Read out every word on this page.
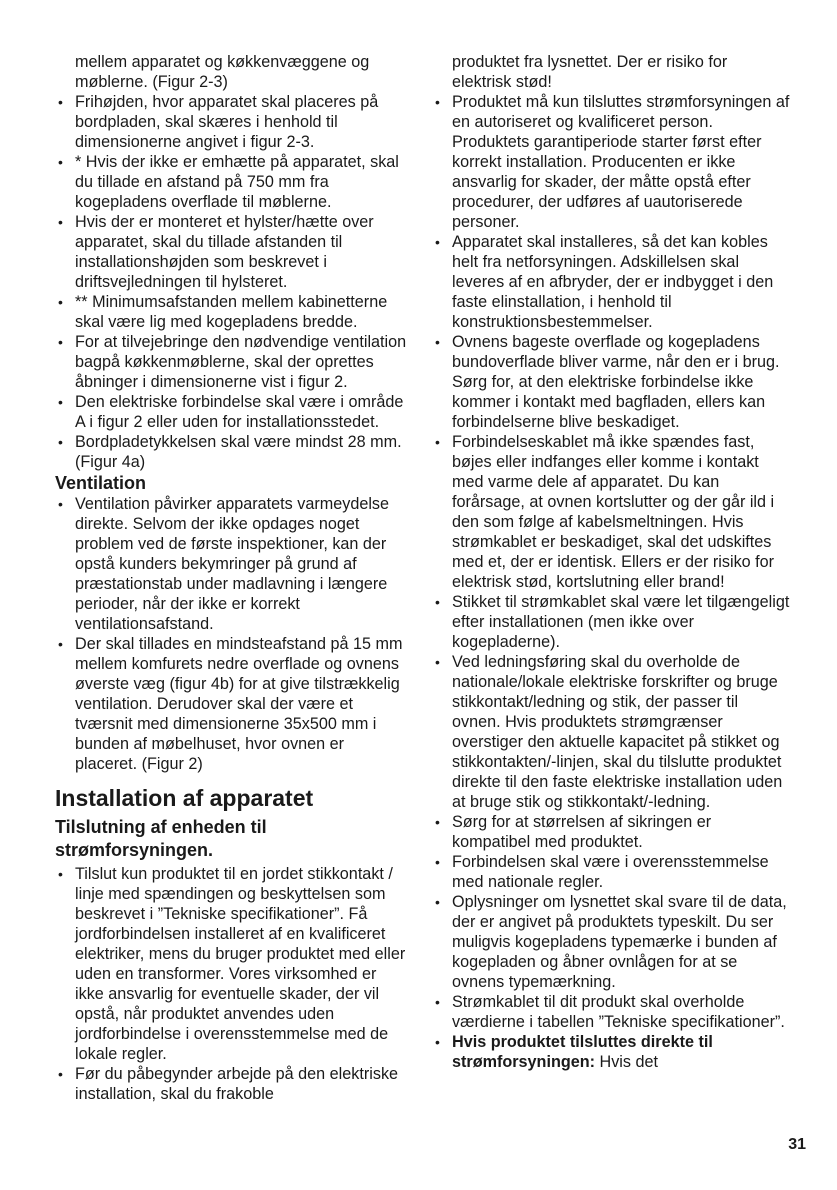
mellem apparatet og køkkenvæggene og møblerne. (Figur 2-3)

• Frihøjden, hvor apparatet skal placeres på bordpladen, skal skæres i henhold til dimensionerne angivet i figur 2-3.
• * Hvis der ikke er emhætte på apparatet, skal du tillade en afstand på 750 mm fra kogepladens overflade til møblerne.
• Hvis der er monteret et hylster/hætte over apparatet, skal du tillade afstanden til installationshøjden som beskrevet i driftsvejledningen til hylsteret.
• ** Minimumsafstanden mellem kabinetterne skal være lig med kogepladens bredde.
• For at tilvejebringe den nødvendige ventilation bagpå køkkenmøblerne, skal der oprettes åbninger i dimensionerne vist i figur 2.
• Den elektriske forbindelse skal være i område A i figur 2 eller uden for installationsstedet.
• Bordpladetykkelsen skal være mindst 28 mm. (Figur 4a)
Ventilation
• Ventilation påvirker apparatets varmeydelse direkte. Selvom der ikke opdages noget problem ved de første inspektioner, kan der opstå kunders bekymringer på grund af præstationstab under madlavning i længere perioder, når der ikke er korrekt ventilationsafstand.
• Der skal tillades en mindsteafstand på 15 mm mellem komfurets nedre overflade og ovnens øverste væg (figur 4b) for at give tilstrækkelig ventilation. Derudover skal der være et tværsnit med dimensionerne 35x500 mm i bunden af møbelhuset, hvor ovnen er placeret. (Figur 2)
Installation af apparatet
Tilslutning af enheden til strømforsyningen.
• Tilslut kun produktet til en jordet stikkontakt / linje med spændingen og beskyttelsen som beskrevet i ”Tekniske specifikationer”. Få jordforbindelsen installeret af en kvalificeret elektriker, mens du bruger produktet med eller uden en transformer. Vores virksomhed er ikke ansvarlig for eventuelle skader, der vil opstå, når produktet anvendes uden jordforbindelse i overensstemmelse med de lokale regler.
• Før du påbegynder arbejde på den elektriske installation, skal du frakoble

produktet fra lysnettet. Der er risiko for elektrisk stød!

• Produktet må kun tilsluttes strømforsyningen af en autoriseret og kvalificeret person. Produktets garantiperiode starter først efter korrekt installation. Producenten er ikke ansvarlig for skader, der måtte opstå efter procedurer, der udføres af uautoriserede personer.
• Apparatet skal installeres, så det kan kobles helt fra netforsyningen. Adskillelsen skal leveres af en afbryder, der er indbygget i den faste elinstallation, i henhold til konstruktionsbestemmelser.
• Ovnens bageste overflade og kogepladens bundoverflade bliver varme, når den er i brug. Sørg for, at den elektriske forbindelse ikke kommer i kontakt med bagfladen, ellers kan forbindelserne blive beskadiget.
• Forbindelseskablet må ikke spændes fast, bøjes eller indfanges eller komme i kontakt med varme dele af apparatet. Du kan forårsage, at ovnen kortslutter og der går ild i den som følge af kabelsmeltningen. Hvis strømkablet er beskadiget, skal det udskiftes med et, der er identisk. Ellers er der risiko for elektrisk stød, kortslutning eller brand!
• Stikket til strømkablet skal være let tilgængeligt efter installationen (men ikke over kogepladerne).
• Ved ledningsføring skal du overholde de nationale/lokale elektriske forskrifter og bruge stikkontakt/ledning og stik, der passer til ovnen. Hvis produktets strømgrænser overstiger den aktuelle kapacitet på stikket og stikkontakten/-linjen, skal du tilslutte produktet direkte til den faste elektriske installation uden at bruge stik og stikkontakt/-ledning.
• Sørg for at størrelsen af sikringen er kompatibel med produktet.
• Forbindelsen skal være i overensstemmelse med nationale regler.
• Oplysninger om lysnettet skal svare til de data, der er angivet på produktets typeskilt. Du ser muligvis kogepladens typemærke i bunden af kogepladen og åbner ovnlågen for at se ovnens typemærkning.
• Strømkablet til dit produkt skal overholde værdierne i tabellen ”Tekniske specifikationer”.
• Hvis produktet tilsluttes direkte til strømforsyningen: Hvis det
31
